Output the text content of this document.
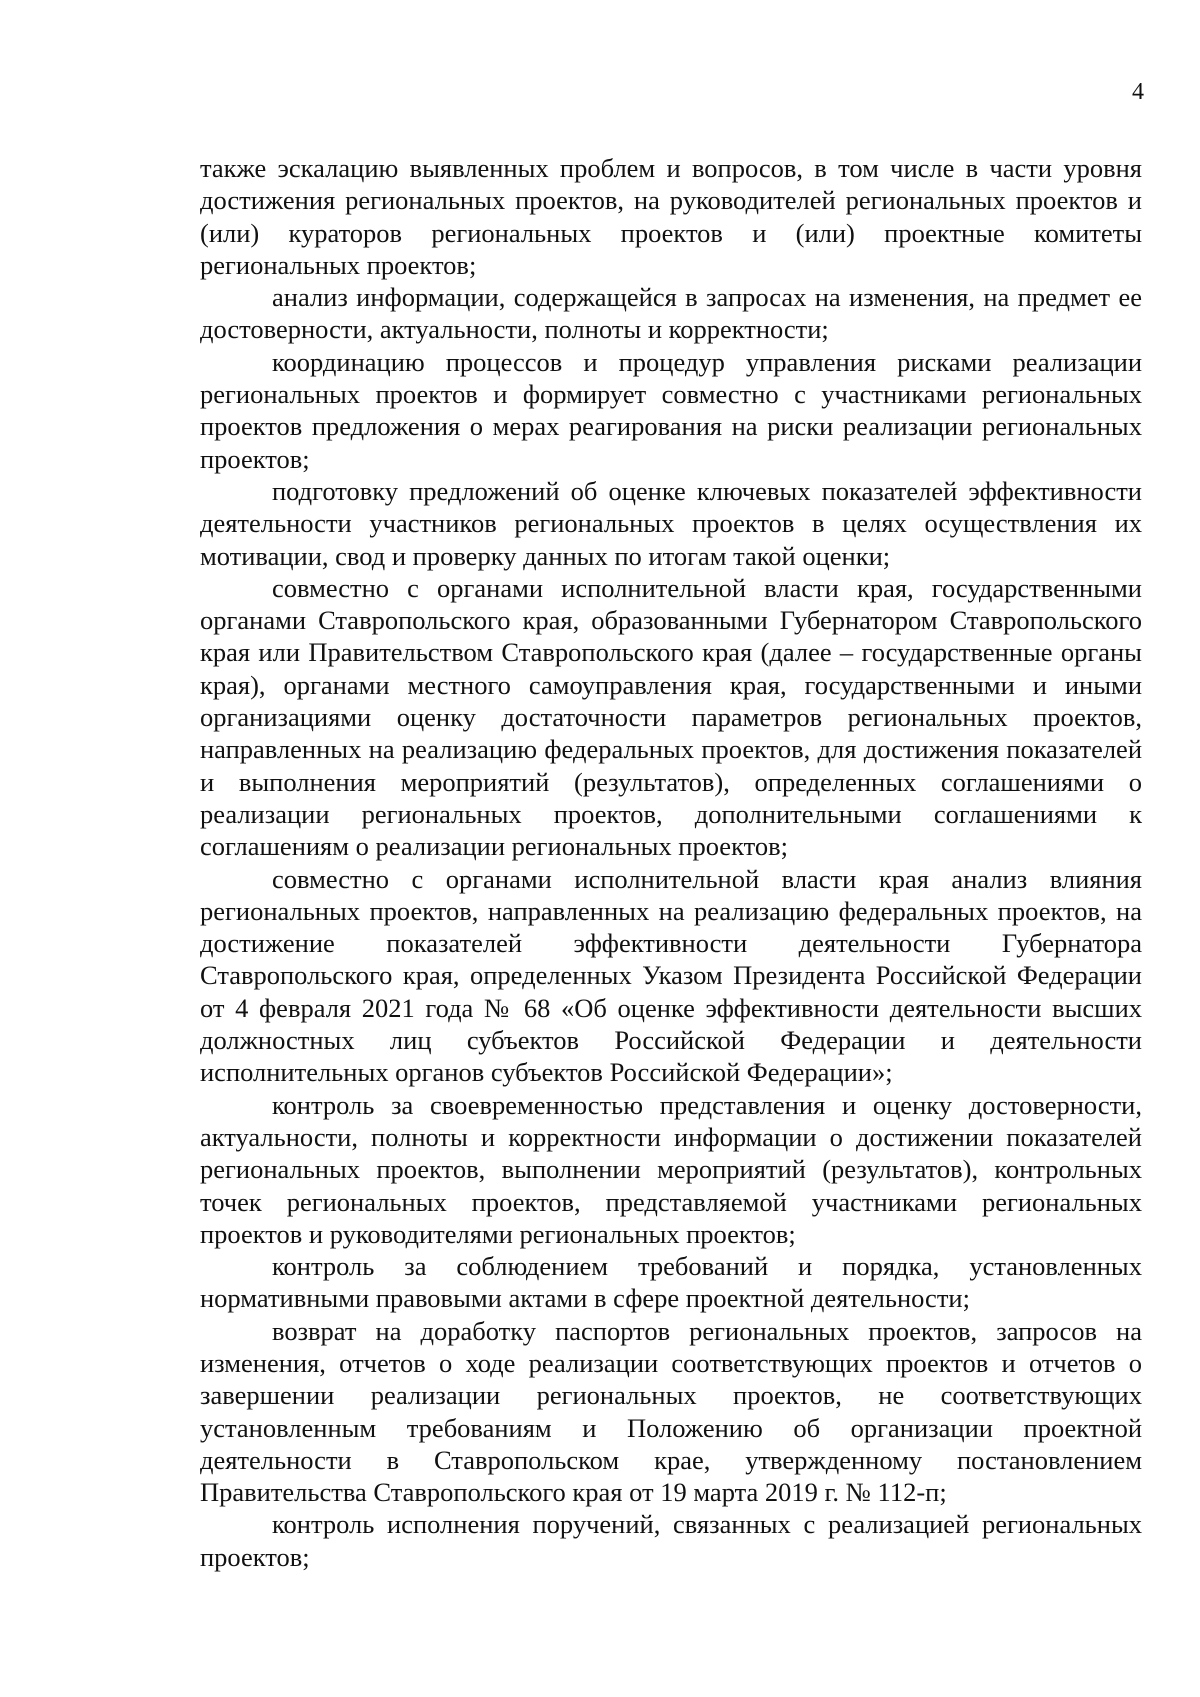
4

также эскалацию выявленных проблем и вопросов, в том числе в части уровня достижения региональных проектов, на руководителей региональных проектов и (или) кураторов региональных проектов и (или) проектные комитеты региональных проектов;

анализ информации, содержащейся в запросах на изменения, на предмет ее достоверности, актуальности, полноты и корректности;

координацию процессов и процедур управления рисками реализации региональных проектов и формирует совместно с участниками региональных проектов предложения о мерах реагирования на риски реализации региональных проектов;

подготовку предложений об оценке ключевых показателей эффективности деятельности участников региональных проектов в целях осуществления их мотивации, свод и проверку данных по итогам такой оценки;

совместно с органами исполнительной власти края, государственными органами Ставропольского края, образованными Губернатором Ставропольского края или Правительством Ставропольского края (далее – государственные органы края), органами местного самоуправления края, государственными и иными организациями оценку достаточности параметров региональных проектов, направленных на реализацию федеральных проектов, для достижения показателей и выполнения мероприятий (результатов), определенных соглашениями о реализации региональных проектов, дополнительными соглашениями к соглашениям о реализации региональных проектов;

совместно с органами исполнительной власти края анализ влияния региональных проектов, направленных на реализацию федеральных проектов, на достижение показателей эффективности деятельности Губернатора Ставропольского края, определенных Указом Президента Российской Федерации от 4 февраля 2021 года № 68 «Об оценке эффективности деятельности высших должностных лиц субъектов Российской Федерации и деятельности исполнительных органов субъектов Российской Федерации»;

контроль за своевременностью представления и оценку достоверности, актуальности, полноты и корректности информации о достижении показателей региональных проектов, выполнении мероприятий (результатов), контрольных точек региональных проектов, представляемой участниками региональных проектов и руководителями региональных проектов;

контроль за соблюдением требований и порядка, установленных нормативными правовыми актами в сфере проектной деятельности;

возврат на доработку паспортов региональных проектов, запросов на изменения, отчетов о ходе реализации соответствующих проектов и отчетов о завершении реализации региональных проектов, не соответствующих установленным требованиям и Положению об организации проектной деятельности в Ставропольском крае, утвержденному постановлением Правительства Ставропольского края от 19 марта 2019 г. № 112-п;

контроль исполнения поручений, связанных с реализацией региональных проектов;
